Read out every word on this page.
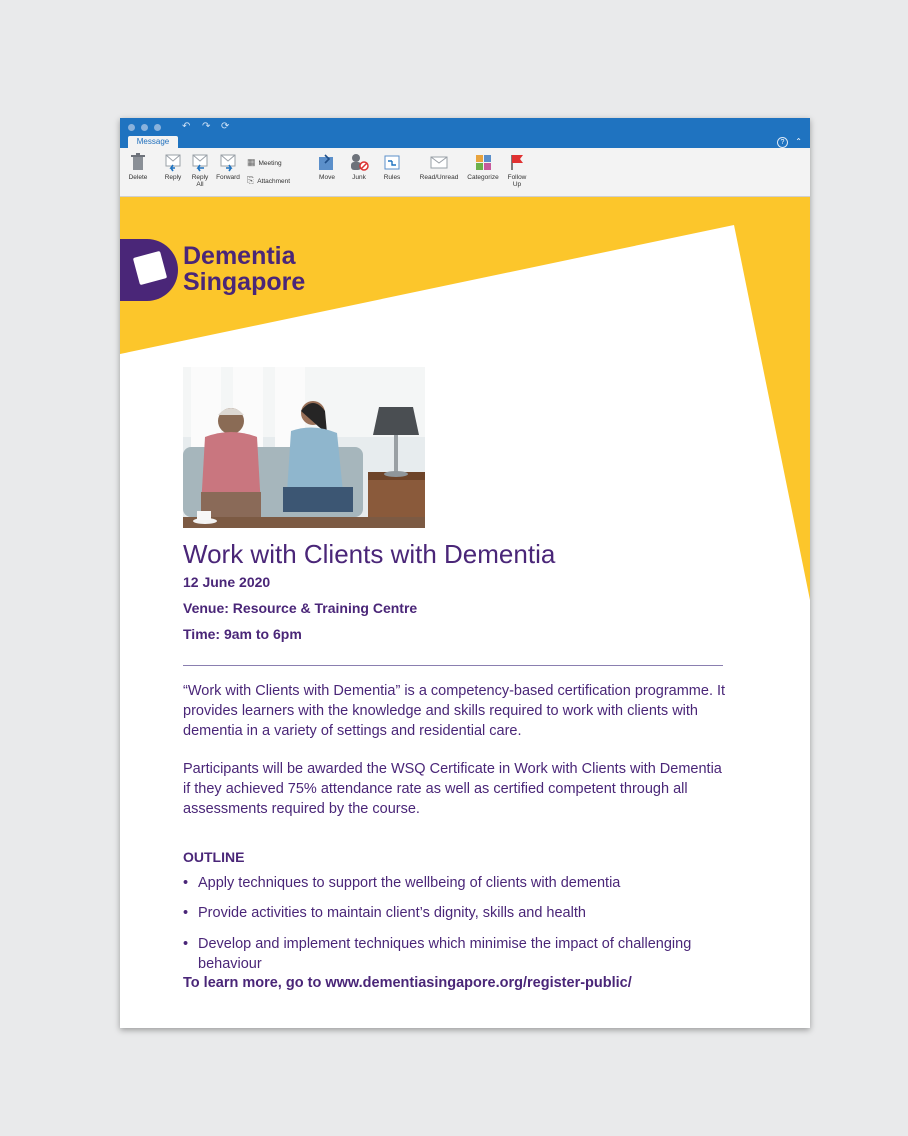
↶ ↷ ⟳
Message	?	⌃
Delete	Reply	Reply All
Forward
▦ Meeting
⎘ Attachment
Move	Junk	Rules	Read/Unread	Categorize	Follow Up
Dementia
Singapore
Work with Clients with Dementia
12 June 2020
Venue: Resource & Training Centre
Time: 9am to 6pm
“Work with Clients with Dementia” is a competency-based certification programme. It provides learners with the knowledge and skills required to work with clients with dementia in a variety of settings and residential care.
Participants will be awarded the WSQ Certificate in Work with Clients with Dementia if they achieved 75% attendance rate as well as certified competent through all assessments required by the course.
OUTLINE
• Apply techniques to support the wellbeing of clients with dementia
• Provide activities to maintain client’s dignity, skills and health
• Develop and implement techniques which minimise the impact of challenging behaviour
To learn more, go to www.dementiasingapore.org/register-public/
